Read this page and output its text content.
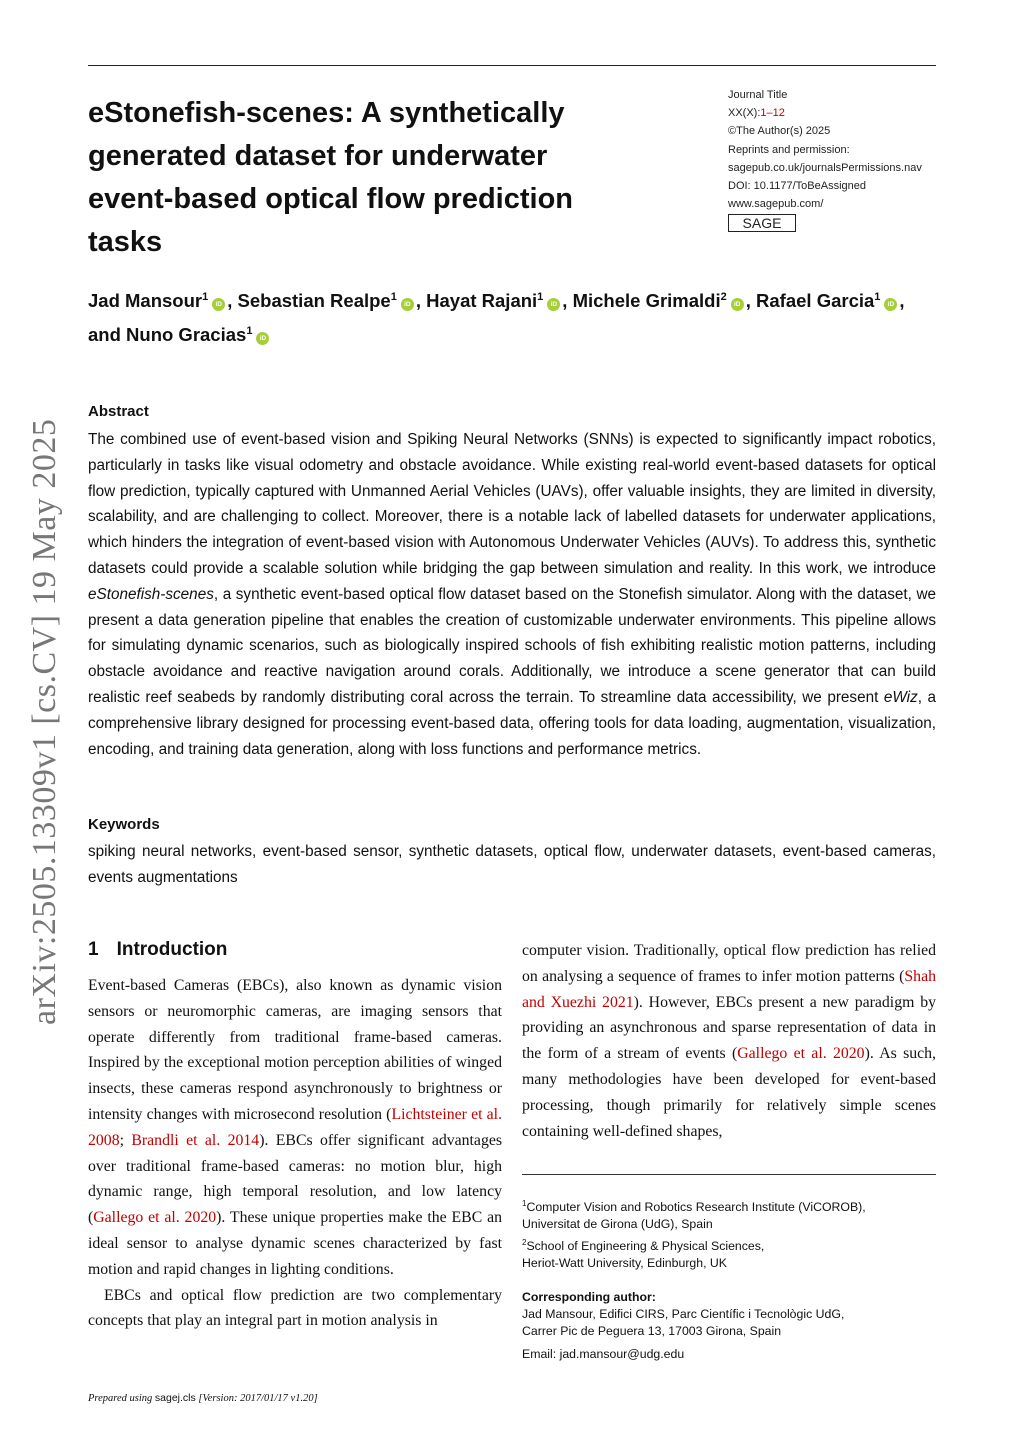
arXiv:2505.13309v1 [cs.CV] 19 May 2025
eStonefish-scenes: A synthetically generated dataset for underwater event-based optical flow prediction tasks
Journal Title
XX(X):1–12
©The Author(s) 2025
Reprints and permission:
sagepub.co.uk/journalsPermissions.nav
DOI: 10.1177/ToBeAssigned
www.sagepub.com/
SAGE
Jad Mansour$^1$iD , Sebastian Realpe$^1$iD , Hayat Rajani$^1$iD , Michele Grimaldi$^2$iD , Rafael Garcia$^1$iD , and Nuno Gracias$^1$iD
Abstract
The combined use of event-based vision and Spiking Neural Networks (SNNs) is expected to significantly impact robotics, particularly in tasks like visual odometry and obstacle avoidance. While existing real-world event-based datasets for optical flow prediction, typically captured with Unmanned Aerial Vehicles (UAVs), offer valuable insights, they are limited in diversity, scalability, and are challenging to collect. Moreover, there is a notable lack of labelled datasets for underwater applications, which hinders the integration of event-based vision with Autonomous Underwater Vehicles (AUVs). To address this, synthetic datasets could provide a scalable solution while bridging the gap between simulation and reality. In this work, we introduce eStonefish-scenes, a synthetic event-based optical flow dataset based on the Stonefish simulator. Along with the dataset, we present a data generation pipeline that enables the creation of customizable underwater environments. This pipeline allows for simulating dynamic scenarios, such as biologically inspired schools of fish exhibiting realistic motion patterns, including obstacle avoidance and reactive navigation around corals. Additionally, we introduce a scene generator that can build realistic reef seabeds by randomly distributing coral across the terrain. To streamline data accessibility, we present eWiz, a comprehensive library designed for processing event-based data, offering tools for data loading, augmentation, visualization, encoding, and training data generation, along with loss functions and performance metrics.
Keywords
spiking neural networks, event-based sensor, synthetic datasets, optical flow, underwater datasets, event-based cameras, events augmentations
1 Introduction

Event-based Cameras (EBCs), also known as dynamic vision sensors or neuromorphic cameras, are imaging sensors that operate differently from traditional frame-based cameras. Inspired by the exceptional motion perception abilities of winged insects, these cameras respond asynchronously to brightness or intensity changes with microsecond resolution (Lichtsteiner et al. 2008; Brandli et al. 2014). EBCs offer significant advantages over traditional frame-based cameras: no motion blur, high dynamic range, high temporal resolution, and low latency (Gallego et al. 2020). These unique properties make the EBC an ideal sensor to analyse dynamic scenes characterized by fast motion and rapid changes in lighting conditions.

EBCs and optical flow prediction are two complementary concepts that play an integral part in motion analysis in

computer vision. Traditionally, optical flow prediction has relied on analysing a sequence of frames to infer motion patterns (Shah and Xuezhi 2021). However, EBCs present a new paradigm by providing an asynchronous and sparse representation of data in the form of a stream of events (Gallego et al. 2020). As such, many methodologies have been developed for event-based processing, though primarily for relatively simple scenes containing well-defined shapes,

$^1$Computer Vision and Robotics Research Institute (ViCOROB),
Universitat de Girona (UdG), Spain
$^2$School of Engineering & Physical Sciences,
Heriot-Watt University, Edinburgh, UK
Corresponding author:
Jad Mansour, Edifici CIRS, Parc Científic i Tecnològic UdG,
Carrer Pic de Peguera 13, 17003 Girona, Spain
Email: jad.mansour@udg.edu
Prepared using sagej.cls [Version: 2017/01/17 v1.20]
